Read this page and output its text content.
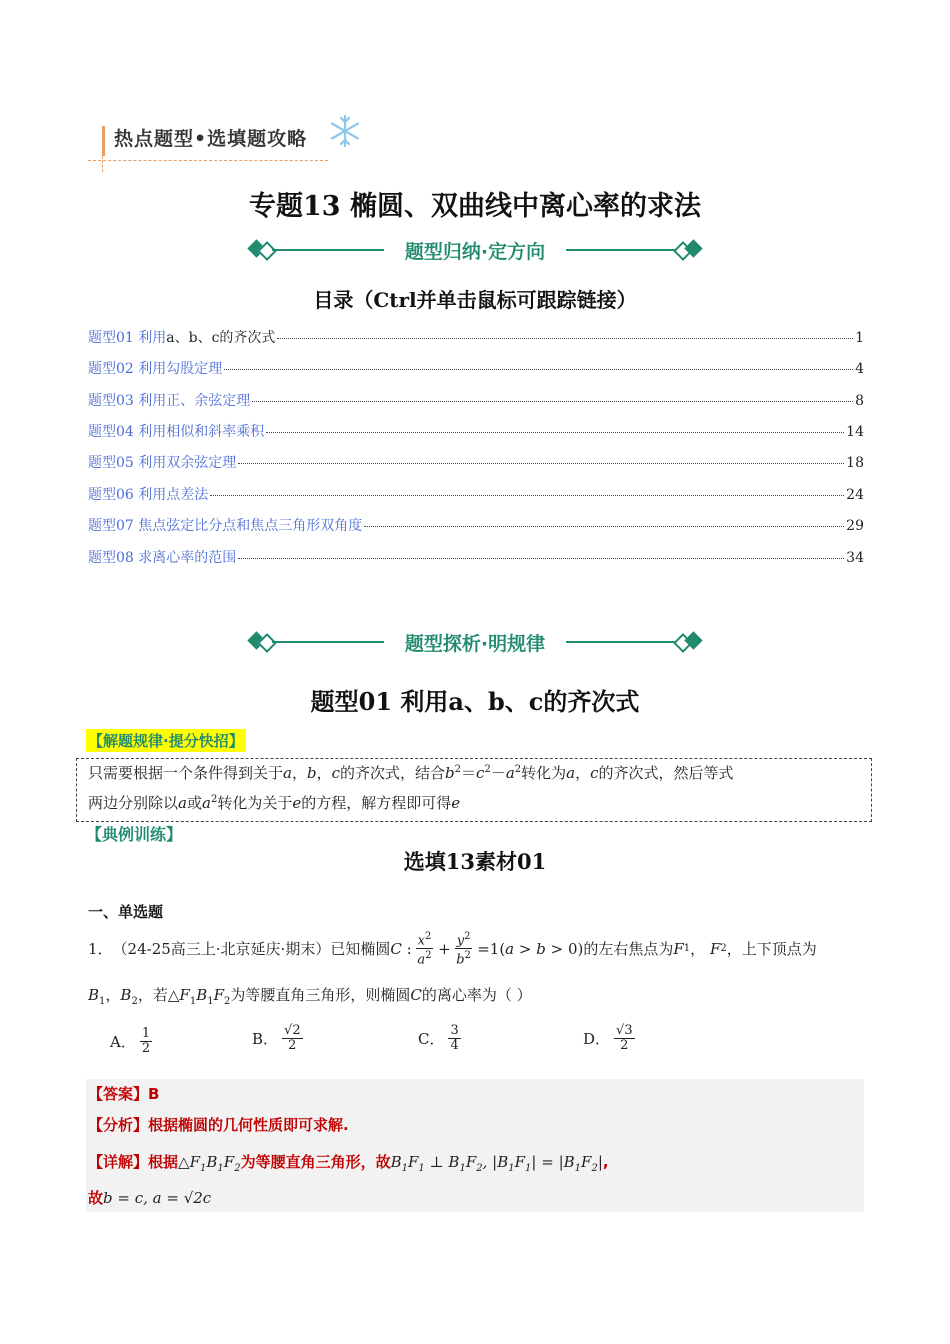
热点题型•选填题攻略
专题13 椭圆、双曲线中离心率的求法
题型归纳·定方向
目录（Ctrl并单击鼠标可跟踪链接）
题型01 利用a、b、c的齐次式	1
题型02 利用勾股定理	4
题型03 利用正、余弦定理	8
题型04 利用相似和斜率乘积	14
题型05 利用双余弦定理	18
题型06 利用点差法	24
题型07 焦点弦定比分点和焦点三角形双角度	29
题型08 求离心率的范围	34
题型探析·明规律
题型01 利用a、b、c的齐次式
【解题规律·提分快招】
只需要根据一个条件得到关于a，b，c的齐次式，结合$b^2=c^2-a^2$转化为a，c的齐次式，然后等式
两边分别除以a或$a^2$转化为关于e的方程，解方程即可得e
【典例训练】
选填13素材01
一、单选题
1． （24-25高三上·北京延庆·期末）已知椭圆 C : $\frac{x^2}{a^2} + \frac{y^2}{b^2} =1$( a > b > 0) 的左右焦点为 F 1 ， F 2 ， 上下顶点为
$B_1$，$B_2$，若$\triangle F_1B_1F_2$为等腰直角三角形，则椭圆C的离心率为（ ）
A． $\frac{1}{2}$	B． $\frac{√2}{2}$	C． $\frac{3}{4}$	D． $\frac{√3}{2}$
【答案】B
【分析】根据椭圆的几何性质即可求解.
【详解】根据$\triangle F_1B_1F_2$为等腰直角三角形，故$B_1F_1$ ⊥ $B_1F_2$, $|B_1F_1| = |B_1F_2|$,
故b = c, a = √2c
